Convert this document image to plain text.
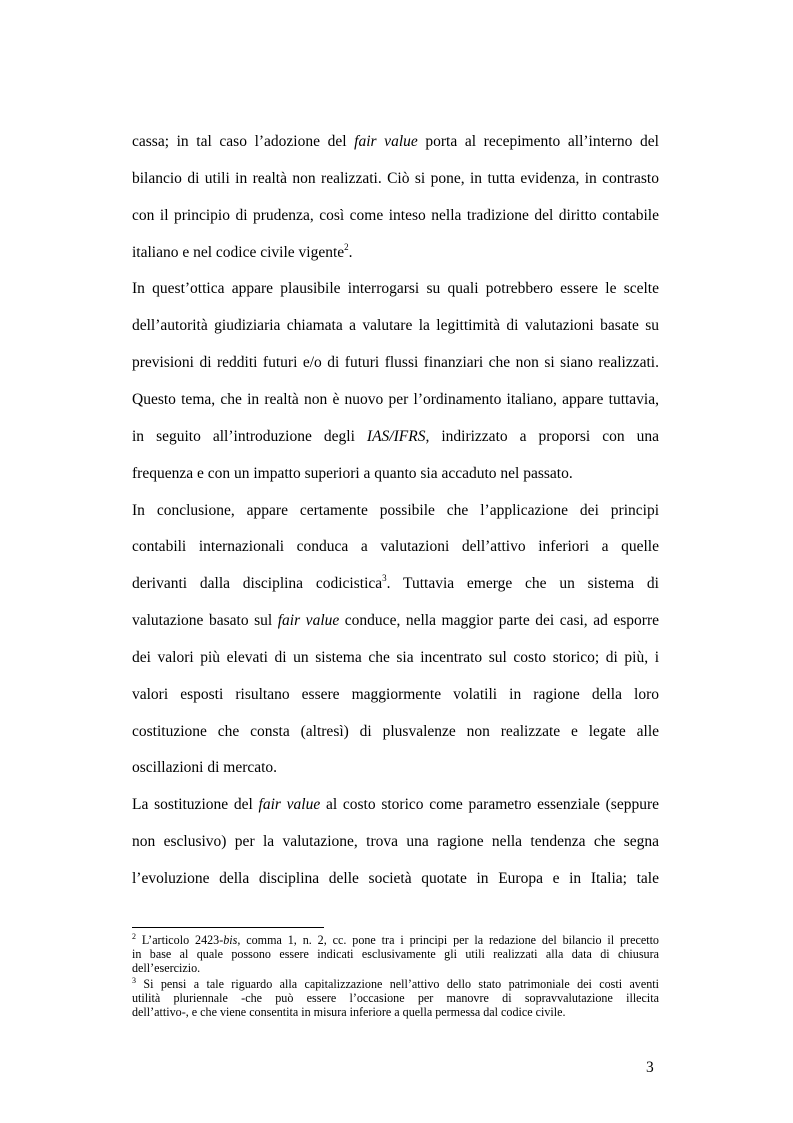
cassa; in tal caso l’adozione del fair value porta al recepimento all’interno del
bilancio di utili in realtà non realizzati. Ciò si pone, in tutta evidenza, in contrasto
con il principio di prudenza, così come inteso nella tradizione del diritto contabile
italiano e nel codice civile vigente$^2$.
In quest’ottica appare plausibile interrogarsi su quali potrebbero essere le scelte
dell’autorità giudiziaria chiamata a valutare la legittimità di valutazioni basate su
previsioni di redditi futuri e/o di futuri flussi finanziari che non si siano realizzati.
Questo tema, che in realtà non è nuovo per l’ordinamento italiano, appare tuttavia,
in seguito all’introduzione degli IAS/IFRS, indirizzato a proporsi con una
frequenza e con un impatto superiori a quanto sia accaduto nel passato.
In conclusione, appare certamente possibile che l’applicazione dei principi
contabili internazionali conduca a valutazioni dell’attivo inferiori a quelle
derivanti dalla disciplina codicistica$^3$. Tuttavia emerge che un sistema di
valutazione basato sul fair value conduce, nella maggior parte dei casi, ad esporre
dei valori più elevati di un sistema che sia incentrato sul costo storico; di più, i
valori esposti risultano essere maggiormente volatili in ragione della loro
costituzione che consta (altresì) di plusvalenze non realizzate e legate alle
oscillazioni di mercato.
La sostituzione del fair value al costo storico come parametro essenziale (seppure
non esclusivo) per la valutazione, trova una ragione nella tendenza che segna
l’evoluzione della disciplina delle società quotate in Europa e in Italia; tale
$^2$ L’articolo 2423-bis, comma 1, n. 2, cc. pone tra i principi per la redazione del bilancio il precetto
in base al quale possono essere indicati esclusivamente gli utili realizzati alla data di chiusura
dell’esercizio.
$^3$ Si pensi a tale riguardo alla capitalizzazione nell’attivo dello stato patrimoniale dei costi aventi
utilità pluriennale -che può essere l’occasione per manovre di sopravvalutazione illecita
dell’attivo-, e che viene consentita in misura inferiore a quella permessa dal codice civile.
3
